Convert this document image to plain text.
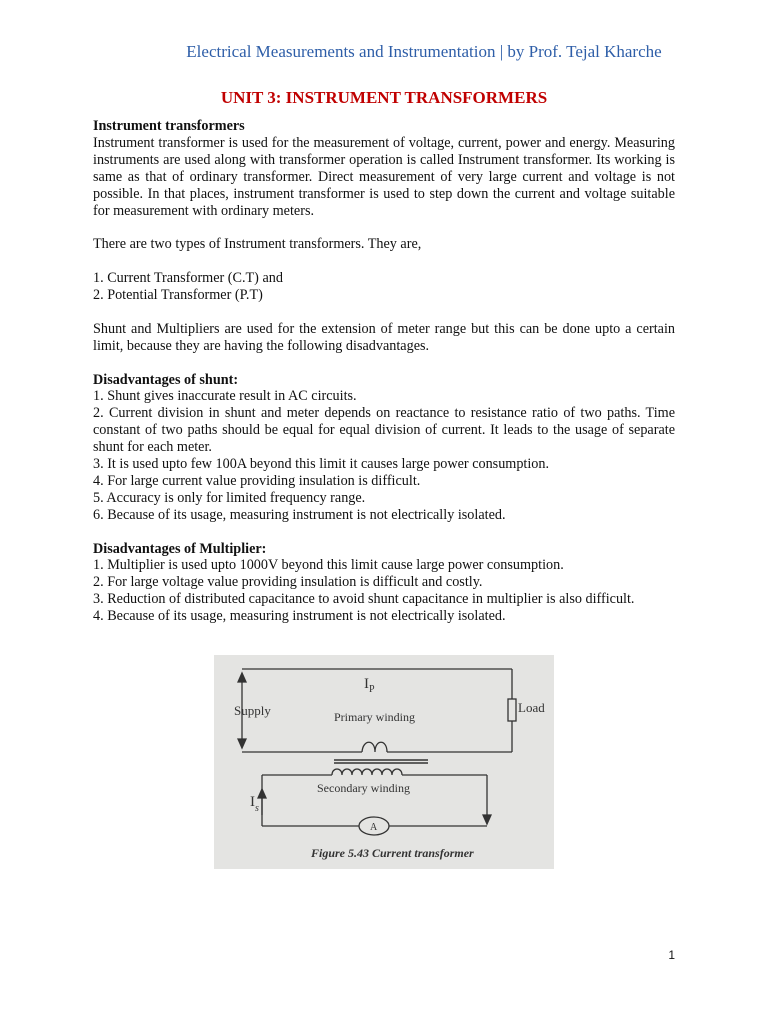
Electrical Measurements and Instrumentation | by Prof. Tejal Kharche
UNIT 3: INSTRUMENT TRANSFORMERS

Instrument transformers

Instrument transformer is used for the measurement of voltage, current, power and energy. Measuring instruments are used along with transformer operation is called Instrument transformer. Its working is same as that of ordinary transformer. Direct measurement of very large current and voltage is not possible. In that places, instrument transformer is used to step down the current and voltage suitable for measurement with ordinary meters.

There are two types of Instrument transformers. They are,

1. Current Transformer (C.T) and

2. Potential Transformer (P.T)

Shunt and Multipliers are used for the extension of meter range but this can be done upto a certain limit, because they are having the following disadvantages.

Disadvantages of shunt:

1. Shunt gives inaccurate result in AC circuits.

2. Current division in shunt and meter depends on reactance to resistance ratio of two paths. Time constant of two paths should be equal for equal division of current. It leads to the usage of separate shunt for each meter.

3. It is used upto few 100A beyond this limit it causes large power consumption.

4. For large current value providing insulation is difficult.

5. Accuracy is only for limited frequency range.

6. Because of its usage, measuring instrument is not electrically isolated.

Disadvantages of Multiplier:

1. Multiplier is used upto 1000V beyond this limit cause large power consumption.

2. For large voltage value providing insulation is difficult and costly.

3. Reduction of distributed capacitance to avoid shunt capacitance in multiplier is also difficult.

4. Because of its usage, measuring instrument is not electrically isolated.

$I_P$
Supply	Primary winding
Load
Secondary winding
$I_s$
A
Figure 5.43 Current transformer
1
